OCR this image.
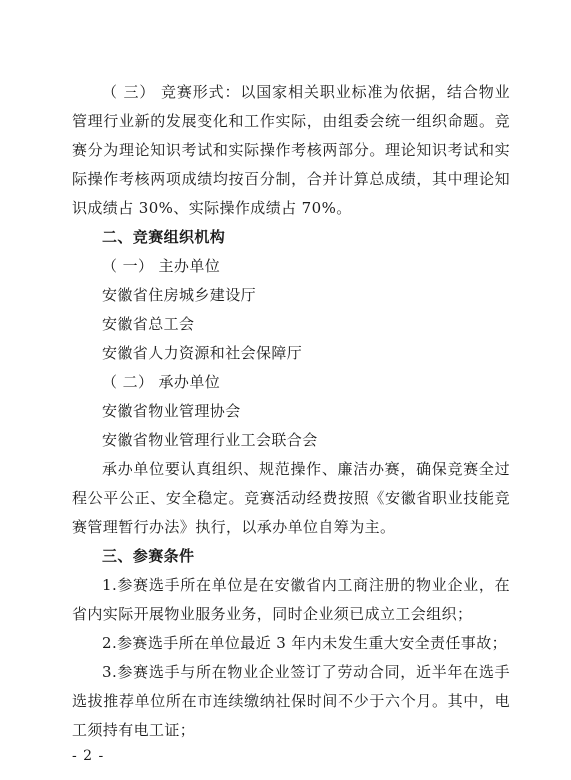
（ 三） 竞赛形式：以国家相关职业标准为依据，结合物业管理行业新的发展变化和工作实际，由组委会统一组织命题。竞赛分为理论知识考试和实际操作考核两部分。理论知识考试和实际操作考核两项成绩均按百分制，合并计算总成绩，其中理论知识成绩占 30%、实际操作成绩占 70%。
二、竞赛组织机构
（ 一） 主办单位
安徽省住房城乡建设厅
安徽省总工会
安徽省人力资源和社会保障厅
（ 二） 承办单位
安徽省物业管理协会
安徽省物业管理行业工会联合会
承办单位要认真组织、规范操作、廉洁办赛，确保竞赛全过程公平公正、安全稳定。竞赛活动经费按照《安徽省职业技能竞赛管理暂行办法》执行，以承办单位自筹为主。
三、参赛条件
1.参赛选手所在单位是在安徽省内工商注册的物业企业，在省内实际开展物业服务业务，同时企业须已成立工会组织；
2.参赛选手所在单位最近 3 年内未发生重大安全责任事故；
3.参赛选手与所在物业企业签订了劳动合同，近半年在选手选拔推荐单位所在市连续缴纳社保时间不少于六个月。其中，电工须持有电工证；
- 2 -
